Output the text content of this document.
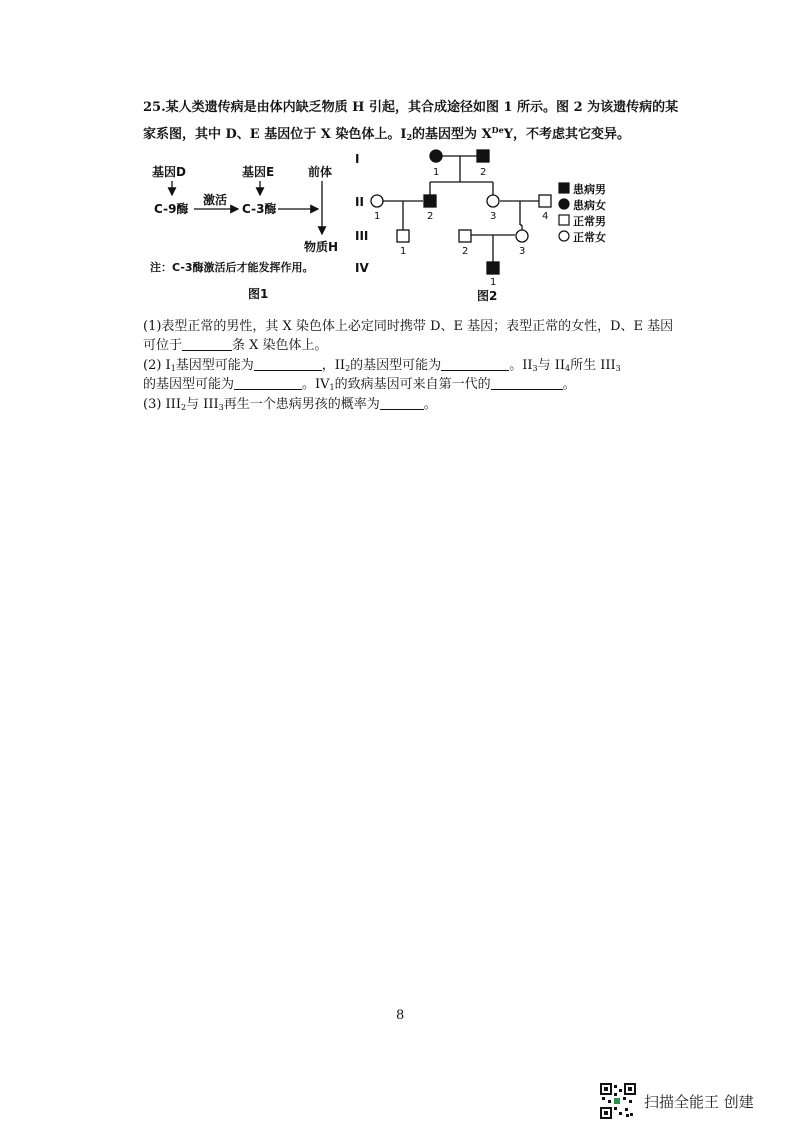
25.某人类遗传病是由体内缺乏物质 H 引起，其合成途径如图 1 所示。图 2 为该遗传病的某
家系图，其中 D、E 基因位于 X 染色体上。$I_2$的基因型为 XDeY，不考虑其它变异。
基因D	基因E	前体
C-9酶
激活
C-3酶
物质H
注：C-3酶激活后才能发挥作用。
图1
I
II
III
IV
1	2
1	2	3	4
1	2	3
1
患病男
患病女
正常男
正常女
图2
(1)表型正常的男性，其 X 染色体上必定同时携带 D、E 基因；表型正常的女性，D、E 基因
可位于	条 X 染色体上。
(2) $I_1$基因型可能为	，$II_2$的基因型可能为	。$II_3$与 $II_4$所生 $III_3$
的基因型可能为	。$IV_1$的致病基因可来自第一代的	。
(3) $III_2$与 $III_3$再生一个患病男孩的概率为	。
8
扫描全能王 创建
